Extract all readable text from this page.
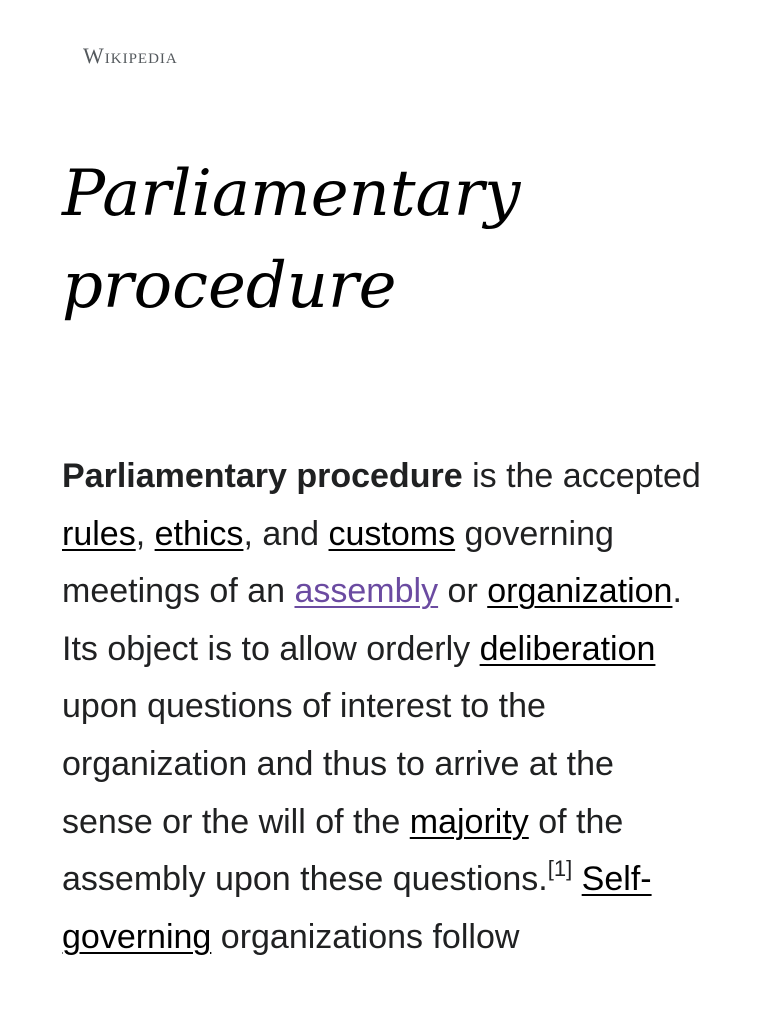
Wikipedia
Parliamentary procedure

Parliamentary procedure is the accepted rules, ethics, and customs governing meetings of an assembly or organization. Its object is to allow orderly deliberation upon questions of interest to the organization and thus to arrive at the sense or the will of the majority of the assembly upon these questions.[1] Self-governing organizations follow
